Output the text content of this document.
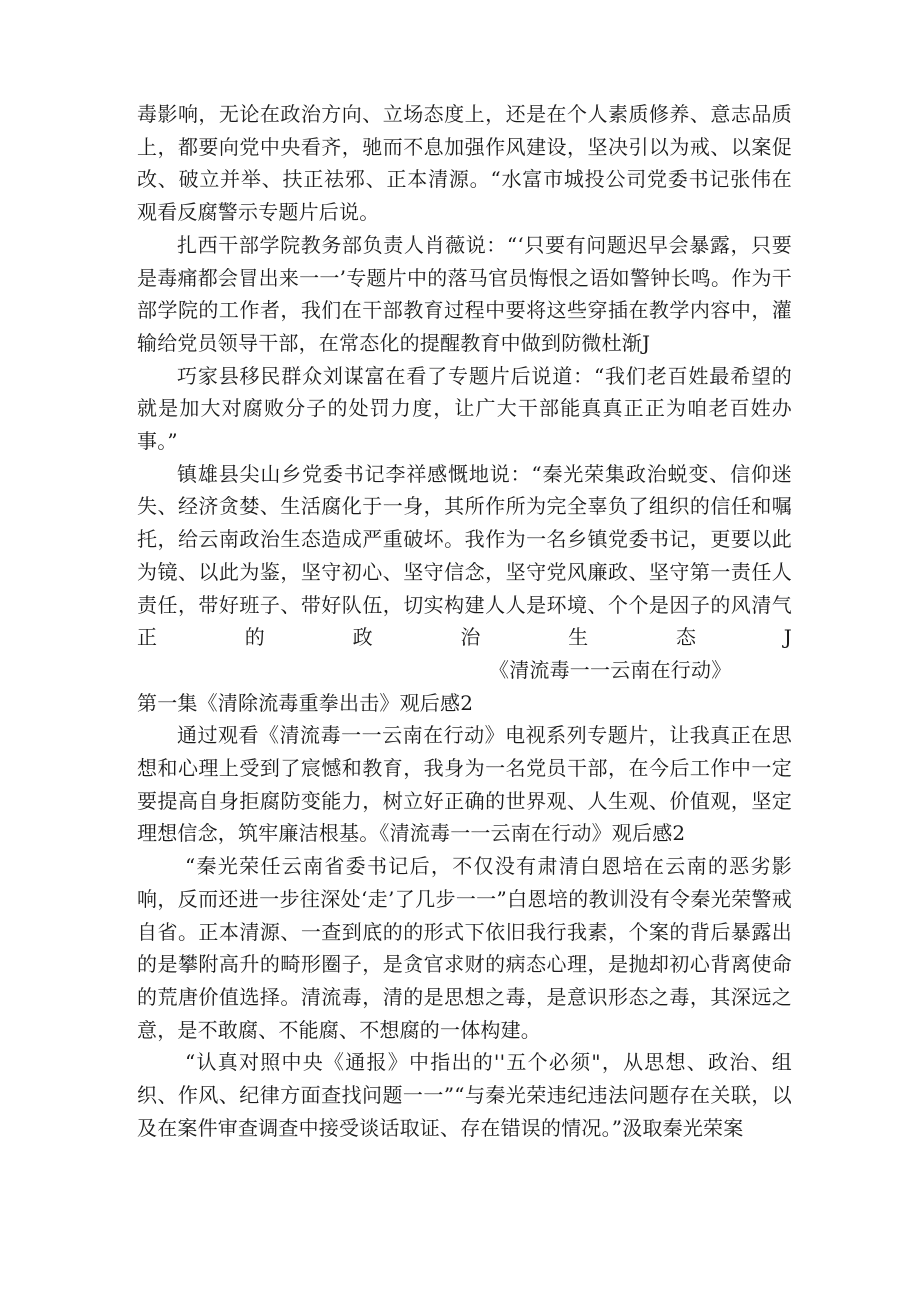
毒影响，无论在政治方向、立场态度上，还是在个人素质修养、意志品质上，都要向党中央看齐，驰而不息加强作风建设，坚决引以为戒、以案促改、破立并举、扶正祛邪、正本清源。“水富市城投公司党委书记张伟在观看反腐警示专题片后说。

扎西干部学院教务部负责人肖薇说：“‘只要有问题迟早会暴露，只要是毒痛都会冒出来一一’专题片中的落马官员悔恨之语如警钟长鸣。作为干部学院的工作者，我们在干部教育过程中要将这些穿插在教学内容中，灌输给党员领导干部，在常态化的提醒教育中做到防微杜渐J

巧家县移民群众刘谋富在看了专题片后说道：“我们老百姓最希望的就是加大对腐败分子的处罚力度，让广大干部能真真正正为咱老百姓办事。”

镇雄县尖山乡党委书记李祥感慨地说：“秦光荣集政治蜕变、信仰迷失、经济贪婪、生活腐化于一身，其所作所为完全辜负了组织的信任和嘱托，给云南政治生态造成严重破坏。我作为一名乡镇党委书记，更要以此为镜、以此为鉴，坚守初心、坚守信念，坚守党风廉政、坚守第一责任人责任，带好班子、带好队伍，切实构建人人是环境、个个是因子的风清气正的政治生态J《清流毒一一云南在行动》

第一集《清除流毒重拳出击》观后感2

通过观看《清流毒一一云南在行动》电视系列专题片，让我真正在思想和心理上受到了宸憾和教育，我身为一名党员干部，在今后工作中一定要提高自身拒腐防变能力，树立好正确的世界观、人生观、价值观，坚定理想信念，筑牢廉洁根基。《清流毒一一云南在行动》观后感2

“秦光荣任云南省委书记后，不仅没有肃清白恩培在云南的恶劣影响，反而还进一步往深处‘走’了几步一一”白恩培的教训没有令秦光荣警戒自省。正本清源、一查到底的的形式下依旧我行我素，个案的背后暴露出的是攀附高升的畸形圈子，是贪官求财的病态心理，是抛却初心背离使命的荒唐价值选择。清流毒，清的是思想之毒，是意识形态之毒，其深远之意，是不敢腐、不能腐、不想腐的一体构建。

“认真对照中央《通报》中指出的''五个必须"，从思想、政治、组织、作风、纪律方面查找问题一一”“与秦光荣违纪违法问题存在关联，以及在案件审查调查中接受谈话取证、存在错误的情况。”汲取秦光荣案
